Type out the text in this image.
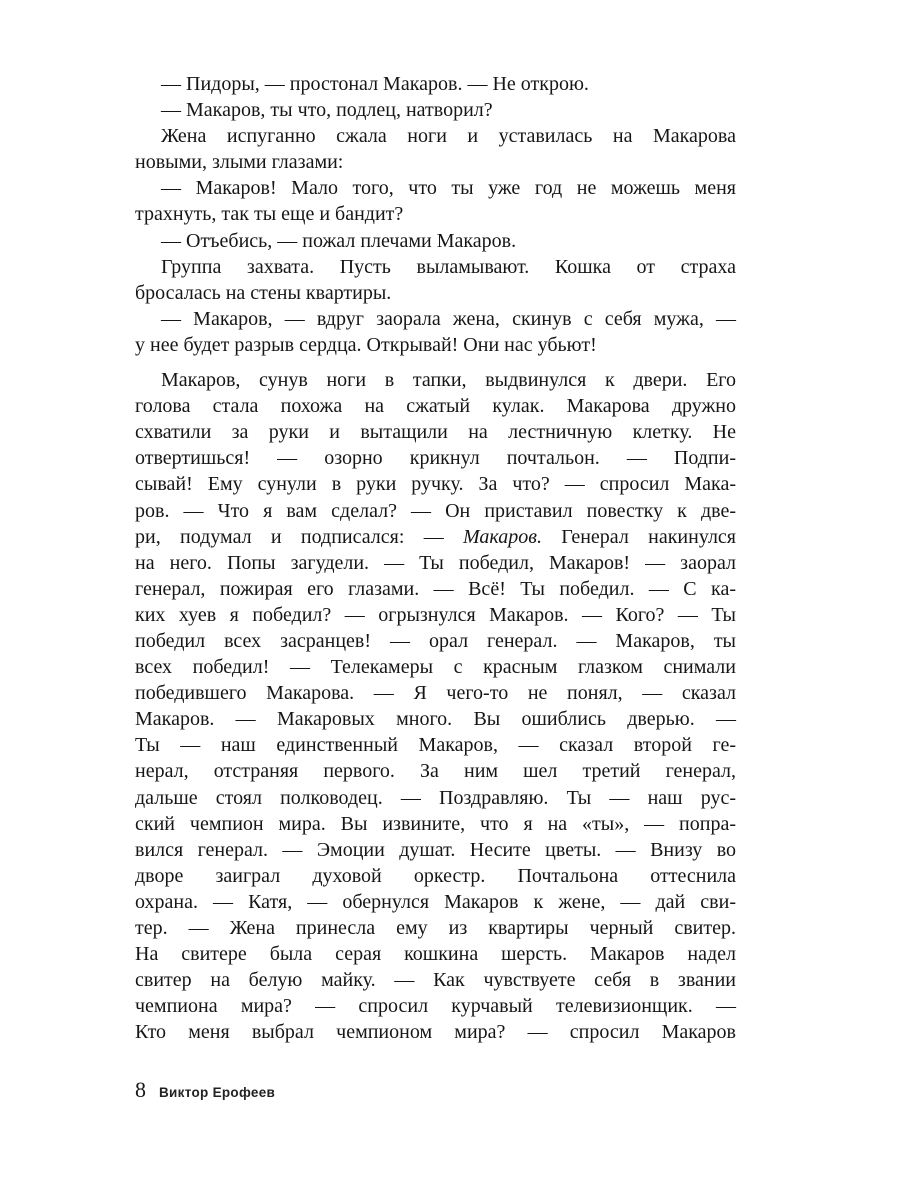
— Пидоры, — простонал Макаров. — Не открою.
— Макаров, ты что, подлец, натворил?
Жена испуганно сжала ноги и уставилась на Макарова
новыми, злыми глазами:
— Макаров! Мало того, что ты уже год не можешь меня
трахнуть, так ты еще и бандит?
— Отъебись, — пожал плечами Макаров.
Группа захвата. Пусть выламывают. Кошка от страха
бросалась на стены квартиры.
— Макаров, — вдруг заорала жена, скинув с себя мужа, —
у нее будет разрыв сердца. Открывай! Они нас убьют!
Макаров, сунув ноги в тапки, выдвинулся к двери. Его
голова стала похожа на сжатый кулак. Макарова дружно
схватили за руки и вытащили на лестничную клетку. Не
отвертишься! — озорно крикнул почтальон. — Подпи-
сывай! Ему сунули в руки ручку. За что? — спросил Мака-
ров. — Что я вам сделал? — Он приставил повестку к две-
ри, подумал и подписался: — Макаров. Генерал накинулся
на него. Попы загудели. — Ты победил, Макаров! — заорал
генерал, пожирая его глазами. — Всё! Ты победил. — С ка-
ких хуев я победил? — огрызнулся Макаров. — Кого? — Ты
победил всех засранцев! — орал генерал. — Макаров, ты
всех победил! — Телекамеры с красным глазком снимали
победившего Макарова. — Я чего-то не понял, — сказал
Макаров. — Макаровых много. Вы ошиблись дверью. —
Ты — наш единственный Макаров, — сказал второй ге-
нерал, отстраняя первого. За ним шел третий генерал,
дальше стоял полководец. — Поздравляю. Ты — наш рус-
ский чемпион мира. Вы извините, что я на «ты», — попра-
вился генерал. — Эмоции душат. Несите цветы. — Внизу во
дворе заиграл духовой оркестр. Почтальона оттеснила
охрана. — Катя, — обернулся Макаров к жене, — дай сви-
тер. — Жена принесла ему из квартиры черный свитер.
На свитере была серая кошкина шерсть. Макаров надел
свитер на белую майку. — Как чувствуете себя в звании
чемпиона мира? — спросил курчавый телевизионщик. —
Кто меня выбрал чемпионом мира? — спросил Макаров
8 Виктор Ерофеев
